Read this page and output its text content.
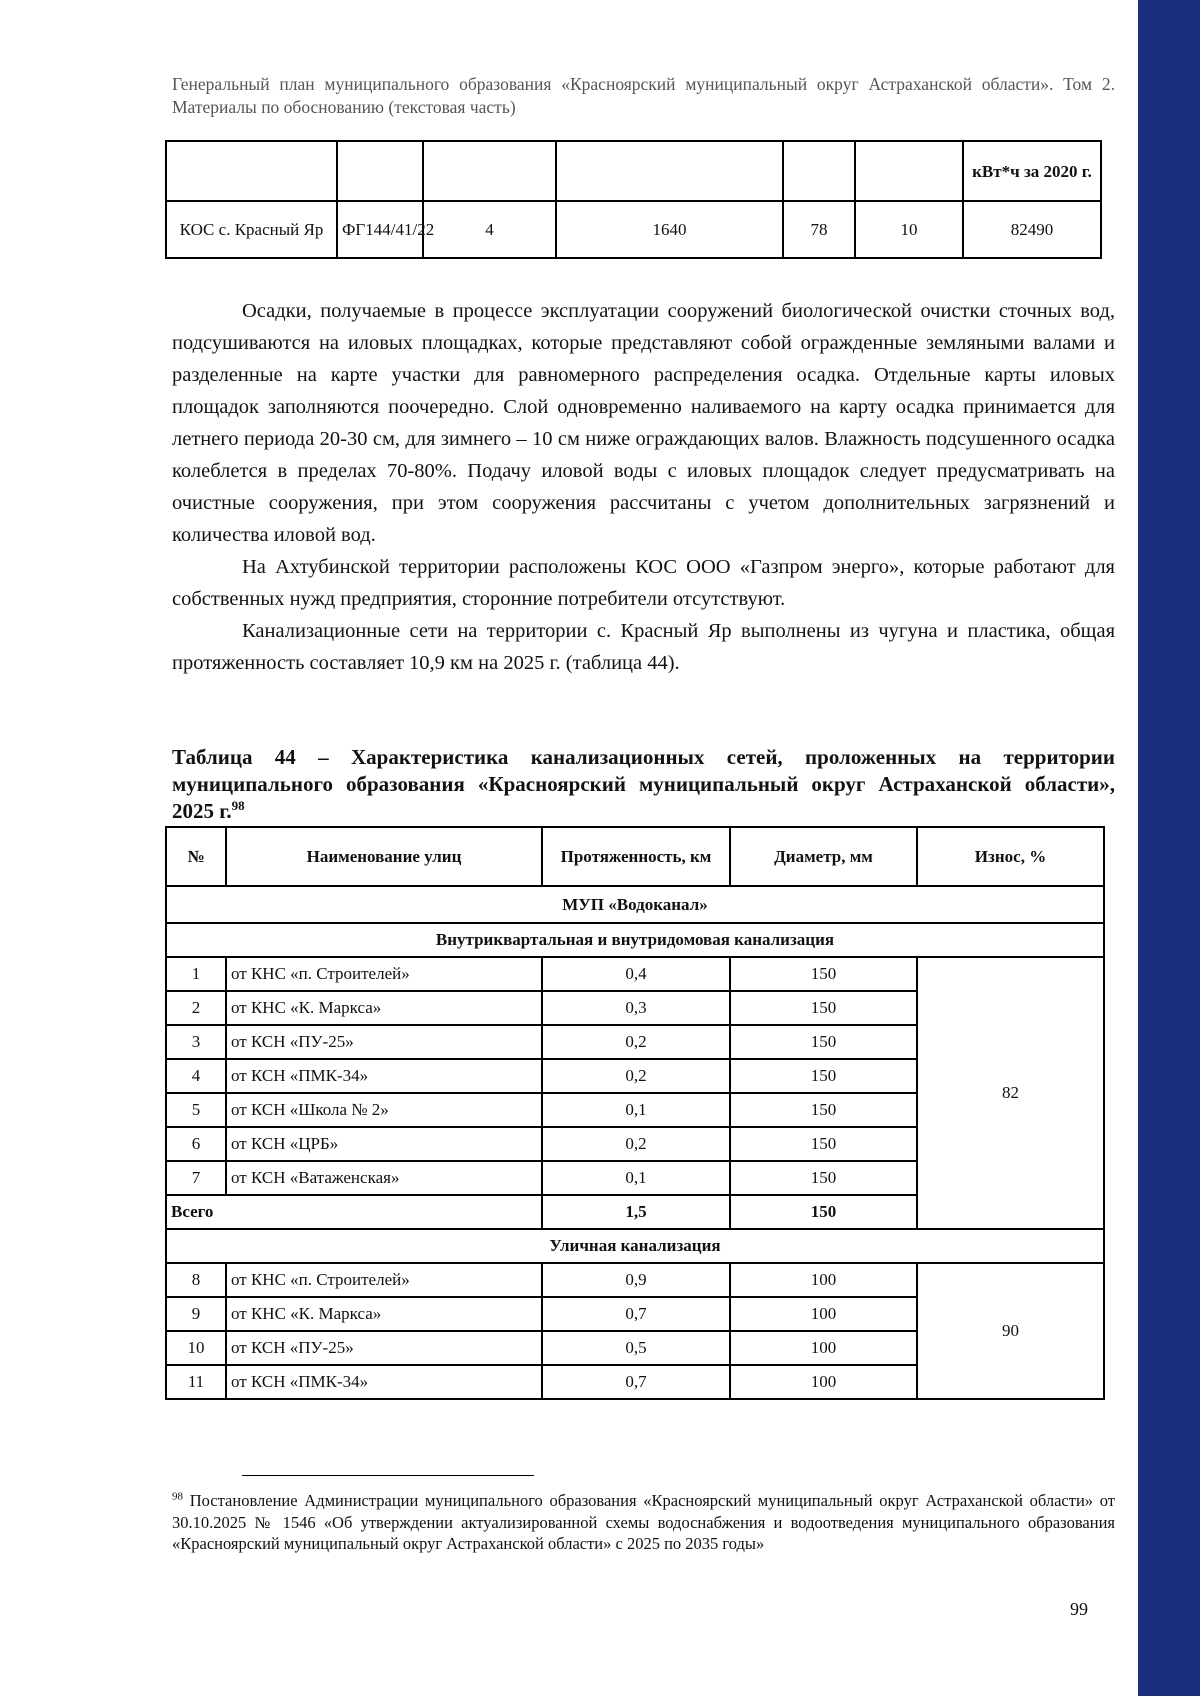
Генеральный план муниципального образования «Красноярский муниципальный округ Астраханской области». Том 2. Материалы по обоснованию (текстовая часть)
						кВт*ч за 2020 г.
КОС с. Красный Яр	ФГ144/41/22	4	1640	78	10	82490

Осадки, получаемые в процессе эксплуатации сооружений биологической очистки сточных вод, подсушиваются на иловых площадках, которые представляют собой огражденные земляными валами и разделенные на карте участки для равномерного распределения осадка. Отдельные карты иловых площадок заполняются поочередно. Слой одновременно наливаемого на карту осадка принимается для летнего периода 20-30 см, для зимнего – 10 см ниже ограждающих валов. Влажность подсушенного осадка колеблется в пределах 70-80%. Подачу иловой воды с иловых площадок следует предусматривать на очистные сооружения, при этом сооружения рассчитаны с учетом дополнительных загрязнений и количества иловой вод.

На Ахтубинской территории расположены КОС ООО «Газпром энерго», которые работают для собственных нужд предприятия, сторонние потребители отсутствуют.

Канализационные сети на территории с. Красный Яр выполнены из чугуна и пластика, общая протяженность составляет 10,9 км на 2025 г. (таблица 44).

Таблица 44 – Характеристика канализационных сетей, проложенных на территории муниципального образования «Красноярский муниципальный округ Астраханской области», 2025 г.$^{98}$
№	Наименование улиц	Протяженность, км	Диаметр, мм	Износ, %
МУП «Водоканал»				
Внутриквартальная и внутридомовая канализация				
1	от КНС «п. Строителей»	0,4	150	82
2	от КНС «К. Маркса»	0,3	150	
3	от КСН «ПУ-25»	0,2	150	
4	от КСН «ПМК-34»	0,2	150	
5	от КСН «Школа № 2»	0,1	150	
6	от КСН «ЦРБ»	0,2	150	
7	от КСН «Ватаженская»	0,1	150	
Всего		1,5	150	
Уличная канализация				
8	от КНС «п. Строителей»	0,9	100	90
9	от КНС «К. Маркса»	0,7	100	
10	от КСН «ПУ-25»	0,5	100	
11	от КСН «ПМК-34»	0,7	100	
$^{98}$ Постановление Администрации муниципального образования «Красноярский муниципальный округ Астраханской области» от 30.10.2025 № 1546 «Об утверждении актуализированной схемы водоснабжения и водоотведения муниципального образования «Красноярский муниципальный округ Астраханской области» с 2025 по 2035 годы»
99
